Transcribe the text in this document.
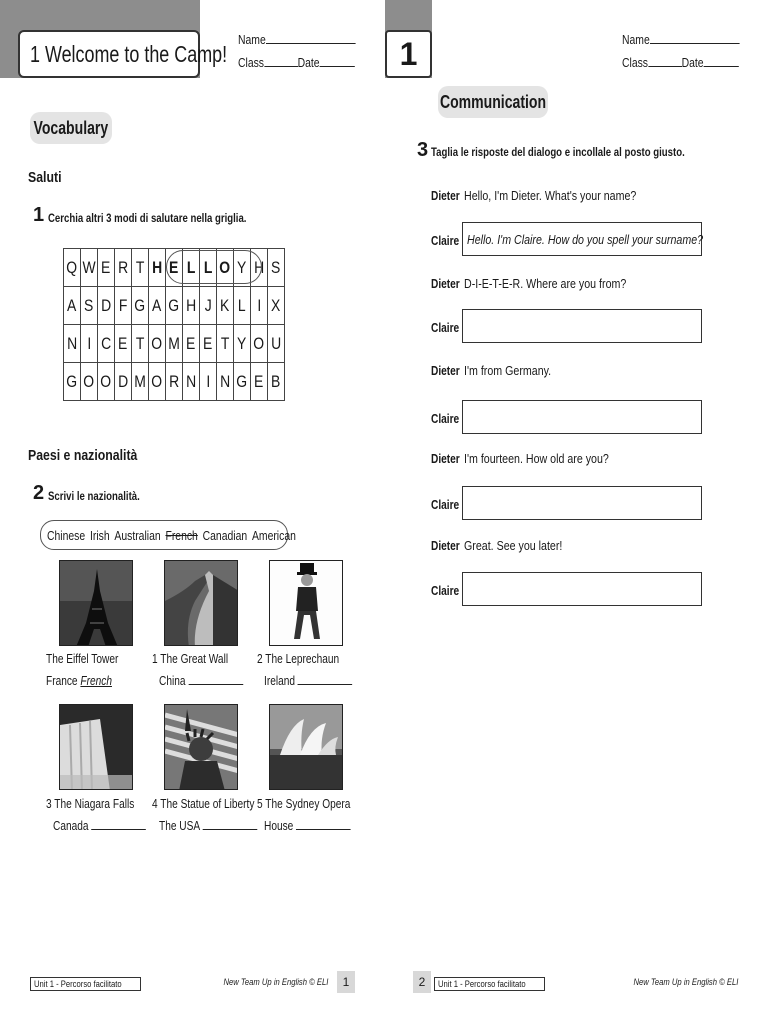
1 Welcome to the Camp!
Name
Class	Date
Vocabulary
Saluti
1 Cerchia altri 3 modi di salutare nella griglia.
Q	W	E	R	T	H	E	L	L	O	Y	H	S
A	S	D	F	G	A	G	H	J	K	L	I	X
N	I	C	E	T	O	M	E	E	T	Y	O	U
G	O	O	D	M	O	R	N	I	N	G	E	B
Paesi e nazionalità
2 Scrivi le nazionalità.
Chinese Irish Australian French Canadian American
The Eiffel Tower
France French
1 The Great Wall
China
2 The Leprechaun
Ireland
3 The Niagara Falls
Canada
4 The Statue of Liberty
The USA
5 The Sydney Opera
House
Unit 1 - Percorso facilitato	New Team Up in English © ELI	1
1	Name
Class	Date
Communication
3 Taglia le risposte del dialogo e incollale al posto giusto.
Dieter Hello, I'm Dieter. What's your name?
Claire Hello. I'm Claire. How do you spell your surname?
Dieter D-I-E-T-E-R. Where are you from?
Claire
Dieter I'm from Germany.
Claire
Dieter I'm fourteen. How old are you?
Claire
Dieter Great. See you later!
Claire
2	Unit 1 - Percorso facilitato	New Team Up in English © ELI
